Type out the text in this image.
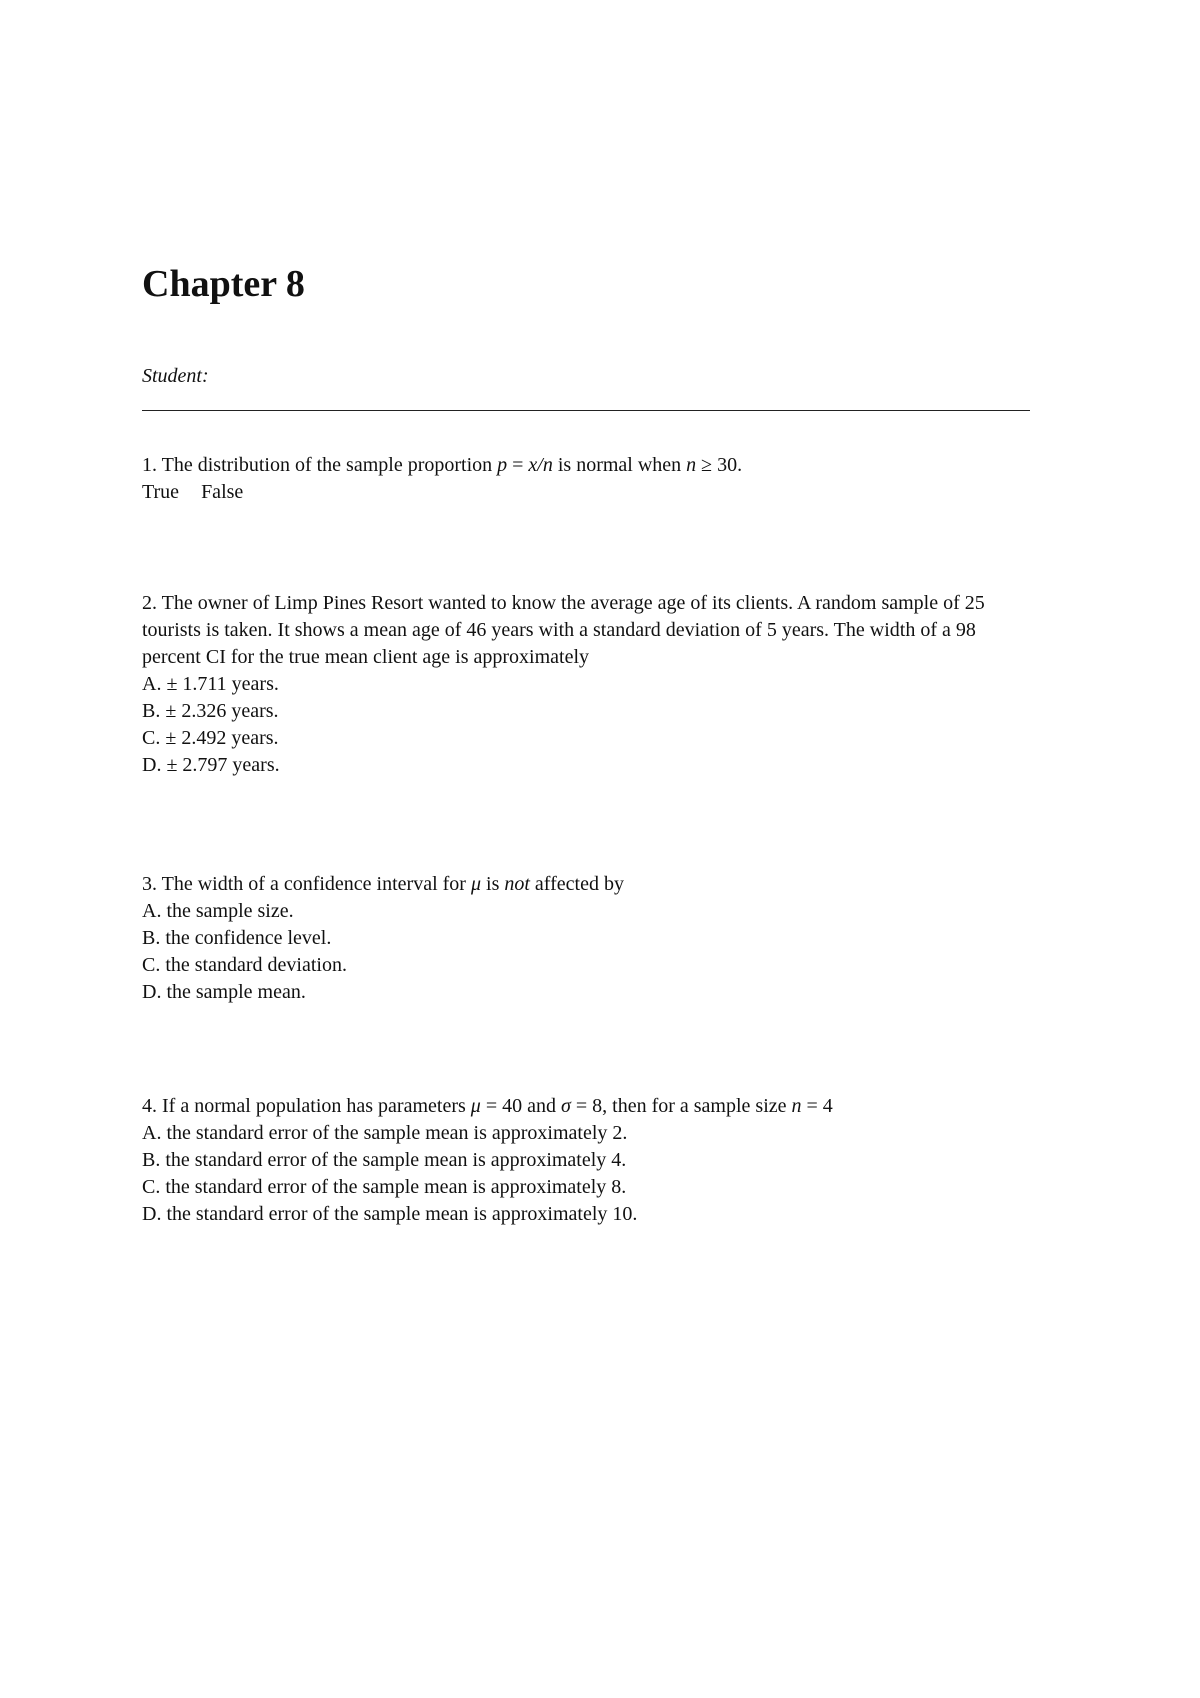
Chapter 8
Student:

1. The distribution of the sample proportion p = x/n is normal when n ≥ 30.

True False

2. The owner of Limp Pines Resort wanted to know the average age of its clients. A random sample of 25 tourists is taken. It shows a mean age of 46 years with a standard deviation of 5 years. The width of a 98 percent CI for the true mean client age is approximately

A. ± 1.711 years.

B. ± 2.326 years.

C. ± 2.492 years.

D. ± 2.797 years.

3. The width of a confidence interval for μ is not affected by

A. the sample size.

B. the confidence level.

C. the standard deviation.

D. the sample mean.

4. If a normal population has parameters μ = 40 and σ = 8, then for a sample size n = 4

A. the standard error of the sample mean is approximately 2.

B. the standard error of the sample mean is approximately 4.

C. the standard error of the sample mean is approximately 8.

D. the standard error of the sample mean is approximately 10.
